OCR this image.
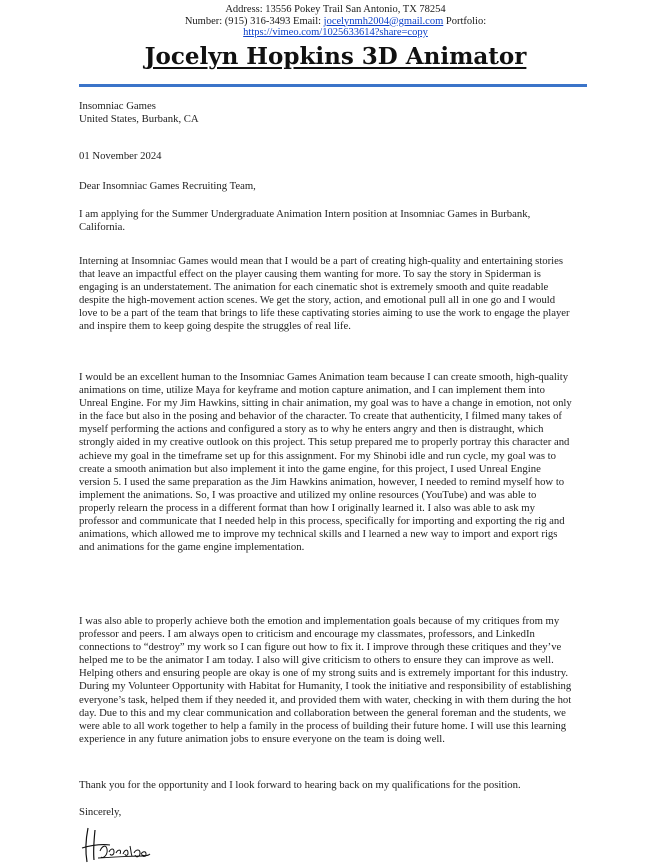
Address: 13556 Pokey Trail San Antonio, TX 78254
Number: (915) 316-3493 Email: jocelynmh2004@gmail.com Portfolio:
https://vimeo.com/1025633614?share=copy
Jocelyn Hopkins 3D Animator

Insomniac Games

United States, Burbank, CA

01 November 2024
Dear Insomniac Games Recruiting Team,
I am applying for the Summer Undergraduate Animation Intern position at Insomniac Games in Burbank, California.
Interning at Insomniac Games would mean that I would be a part of creating high-quality and entertaining stories that leave an impactful effect on the player causing them wanting for more. To say the story in Spiderman is engaging is an understatement. The animation for each cinematic shot is extremely smooth and quite readable despite the high-movement action scenes. We get the story, action, and emotional pull all in one go and I would love to be a part of the team that brings to life these captivating stories aiming to use the work to engage the player and inspire them to keep going despite the struggles of real life.
I would be an excellent human to the Insomniac Games Animation team because I can create smooth, high-quality animations on time, utilize Maya for keyframe and motion capture animation, and I can implement them into Unreal Engine. For my Jim Hawkins, sitting in chair animation, my goal was to have a change in emotion, not only in the face but also in the posing and behavior of the character. To create that authenticity, I filmed many takes of myself performing the actions and configured a story as to why he enters angry and then is distraught, which strongly aided in my creative outlook on this project. This setup prepared me to properly portray this character and achieve my goal in the timeframe set up for this assignment. For my Shinobi idle and run cycle, my goal was to create a smooth animation but also implement it into the game engine, for this project, I used Unreal Engine version 5. I used the same preparation as the Jim Hawkins animation, however, I needed to remind myself how to implement the animations. So, I was proactive and utilized my online resources (YouTube) and was able to properly relearn the process in a different format than how I originally learned it. I also was able to ask my professor and communicate that I needed help in this process, specifically for importing and exporting the rig and animations, which allowed me to improve my technical skills and I learned a new way to import and export rigs and animations for the game engine implementation.
I was also able to properly achieve both the emotion and implementation goals because of my critiques from my professor and peers. I am always open to criticism and encourage my classmates, professors, and LinkedIn connections to “destroy” my work so I can figure out how to fix it. I improve through these critiques and they’ve helped me to be the animator I am today. I also will give criticism to others to ensure they can improve as well. Helping others and ensuring people are okay is one of my strong suits and is extremely important for this industry. During my Volunteer Opportunity with Habitat for Humanity, I took the initiative and responsibility of establishing everyone’s task, helped them if they needed it, and provided them with water, checking in with them during the hot day. Due to this and my clear communication and collaboration between the general foreman and the students, we were able to all work together to help a family in the process of building their future home. I will use this learning experience in any future animation jobs to ensure everyone on the team is doing well.
Thank you for the opportunity and I look forward to hearing back on my qualifications for the position.
Sincerely,
